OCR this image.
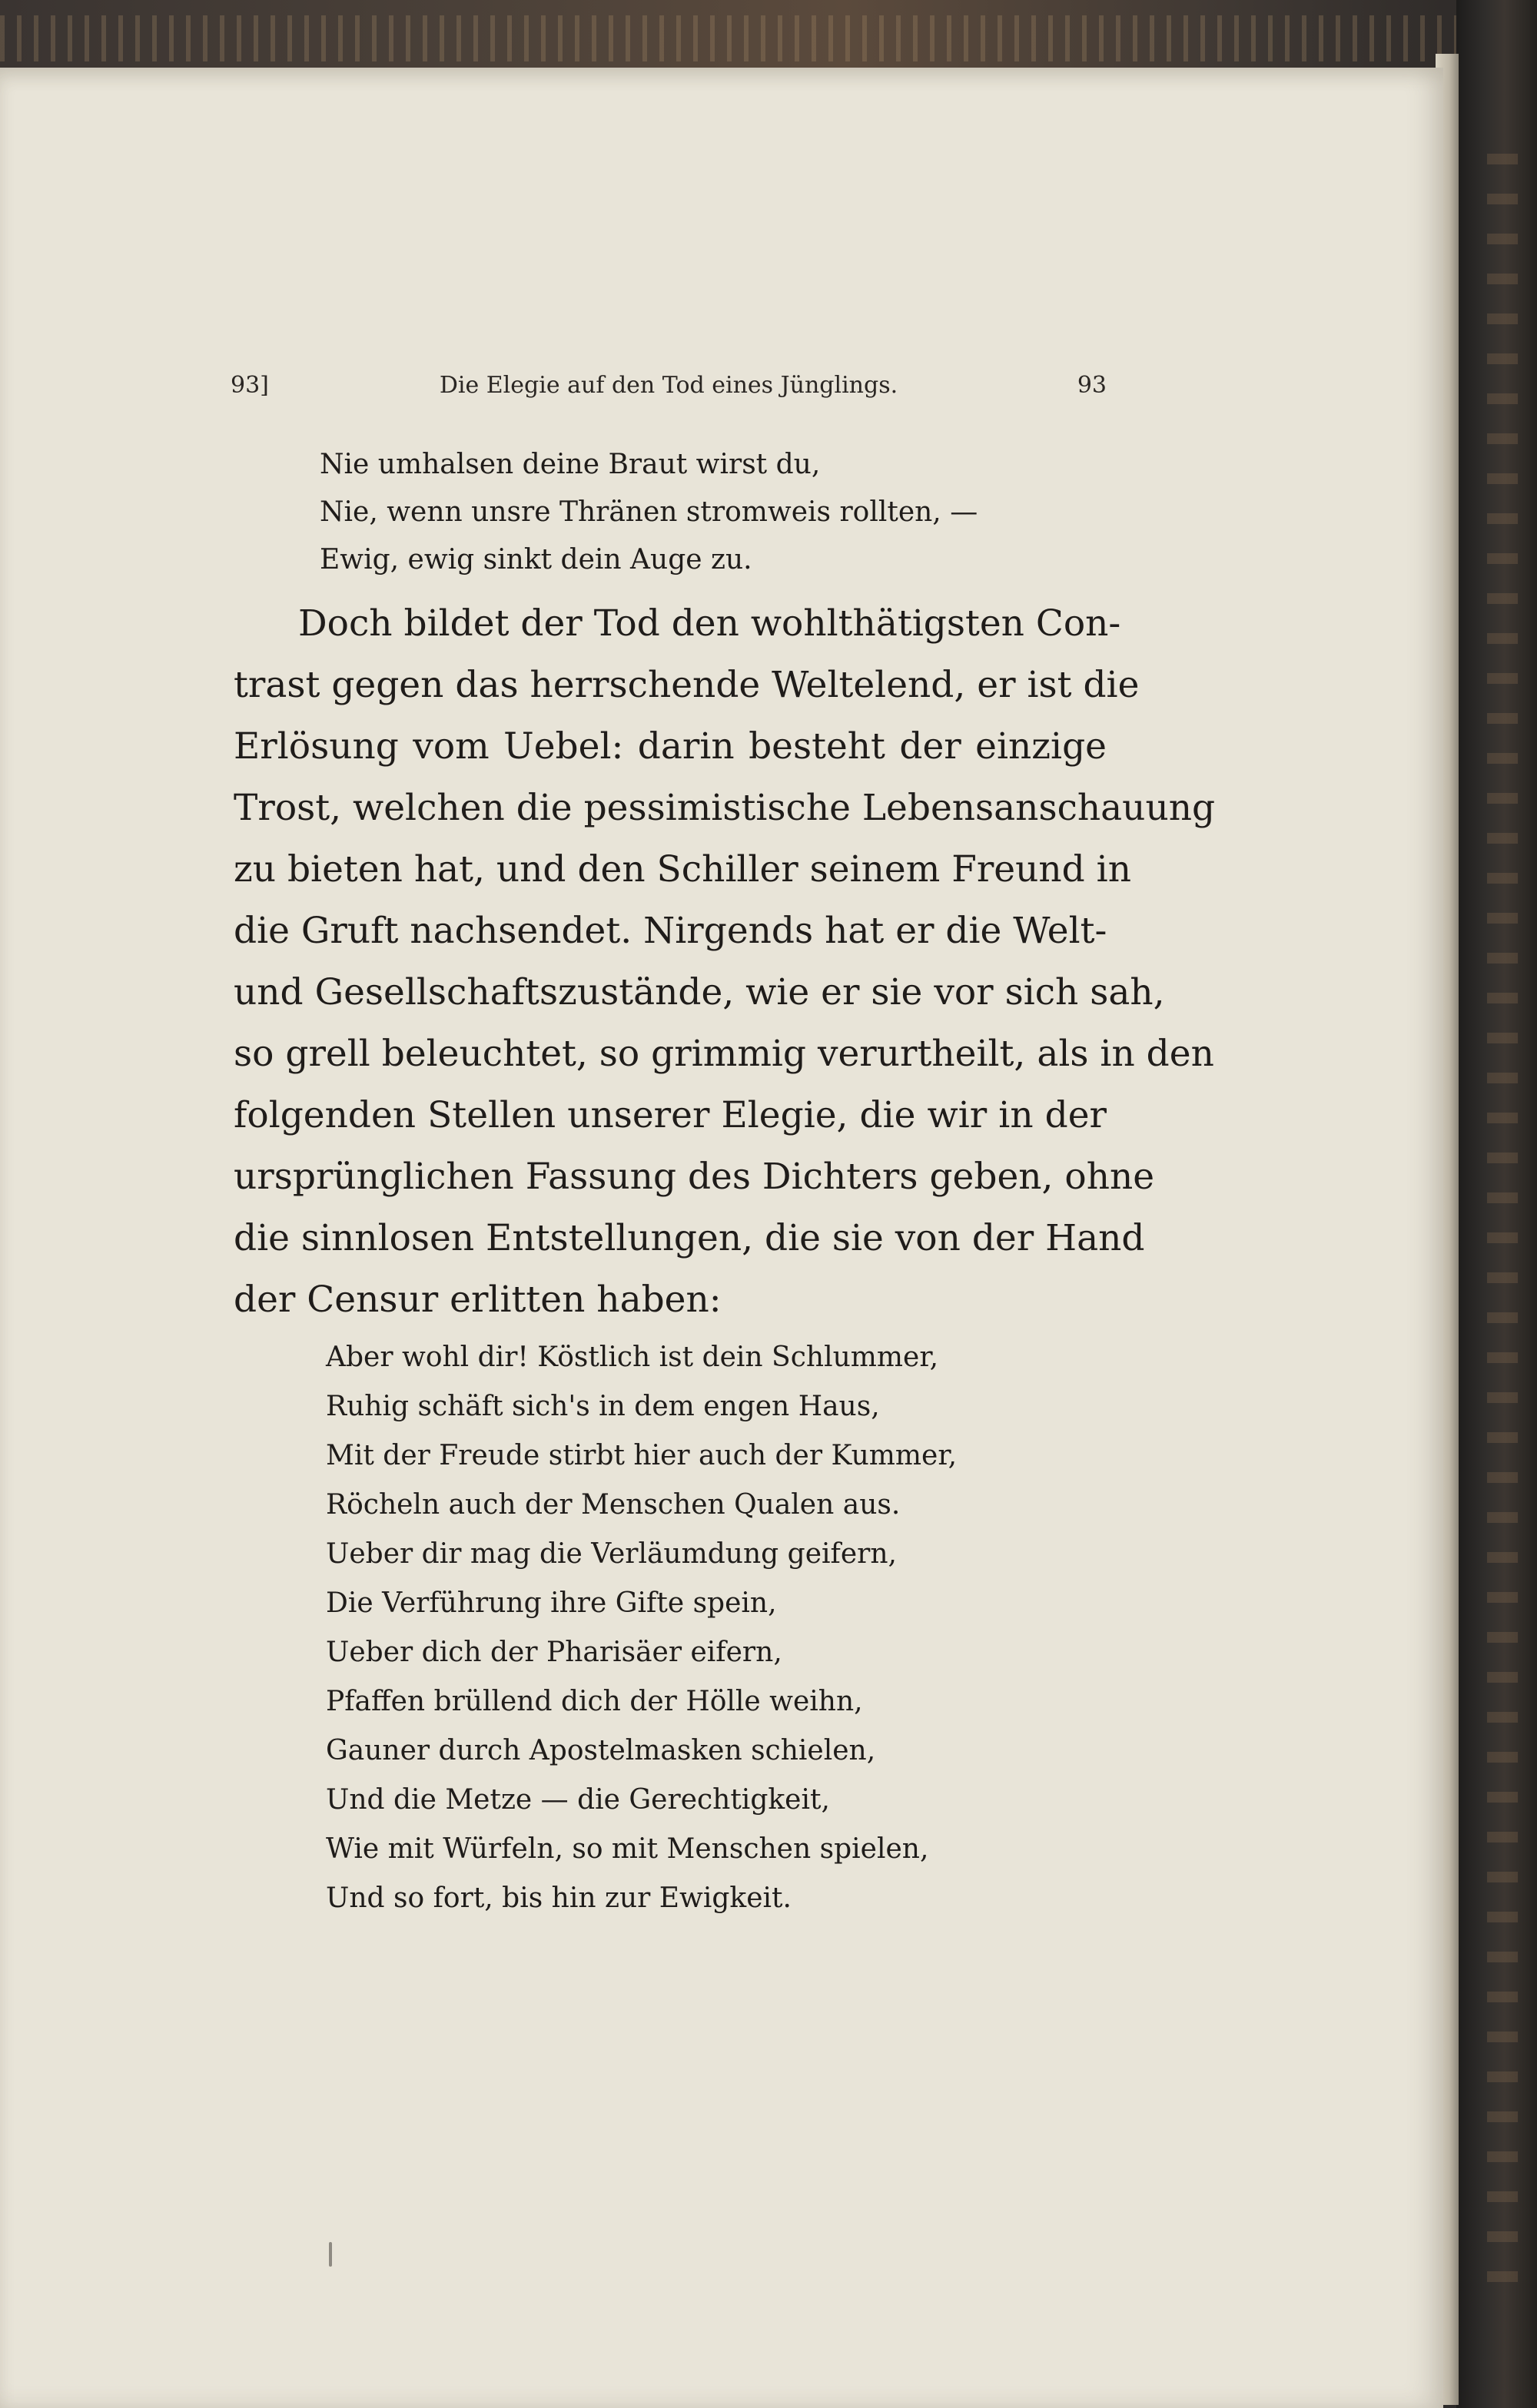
93]	Die Elegie auf den Tod eines Jünglings.	93
Nie umhalsen deine Braut wirst du,
Nie, wenn unsre Thränen stromweis rollten, —
Ewig, ewig sinkt dein Auge zu.
Doch bildet der Tod den wohlthätigsten Con-
trast gegen das herrschende Weltelend, er ist die
Erlösung vom Uebel: darin besteht der einzige
Trost, welchen die pessimistische Lebensanschauung
zu bieten hat, und den Schiller seinem Freund in
die Gruft nachsendet. Nirgends hat er die Welt-
und Gesellschaftszustände, wie er sie vor sich sah,
so grell beleuchtet, so grimmig verurtheilt, als in den
folgenden Stellen unserer Elegie, die wir in der
ursprünglichen Fassung des Dichters geben, ohne
die sinnlosen Entstellungen, die sie von der Hand
der Censur erlitten haben:
Aber wohl dir! Köstlich ist dein Schlummer,
Ruhig schäft sich's in dem engen Haus,
Mit der Freude stirbt hier auch der Kummer,
Röcheln auch der Menschen Qualen aus.
Ueber dir mag die Verläumdung geifern,
Die Verführung ihre Gifte spein,
Ueber dich der Pharisäer eifern,
Pfaffen brüllend dich der Hölle weihn,
Gauner durch Apostelmasken schielen,
Und die Metze — die Gerechtigkeit,
Wie mit Würfeln, so mit Menschen spielen,
Und so fort, bis hin zur Ewigkeit.
